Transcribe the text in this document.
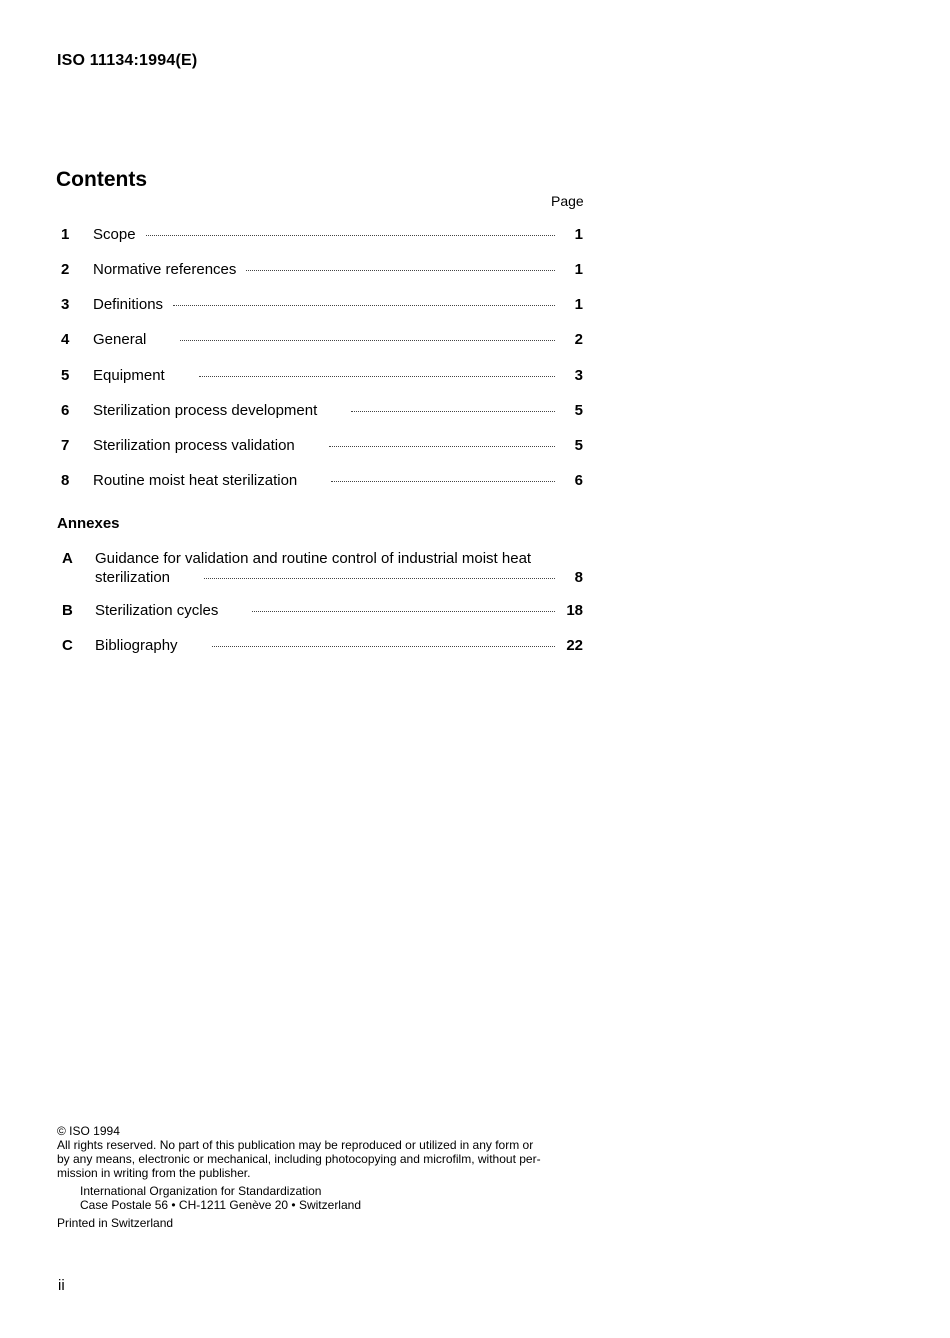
ISO 11134:1994(E)
Contents
Page
1	Scope	1
2	Normative references	1
3	Definitions	1
4	General	2
5	Equipment	3
6	Sterilization process development	5
7	Sterilization process validation	5
8	Routine moist heat sterilization	6
Annexes
A Guidance for validation and routine control of industrial moist heat
sterilization	8
B Sterilization cycles	18
C Bibliography	22
© ISO 1994
All rights reserved. No part of this publication may be reproduced or utilized in any form or
by any means, electronic or mechanical, including photocopying and microfilm, without per-
mission in writing from the publisher.
International Organization for Standardization
Case Postale 56 • CH-1211 Genève 20 • Switzerland
Printed in Switzerland
ii
